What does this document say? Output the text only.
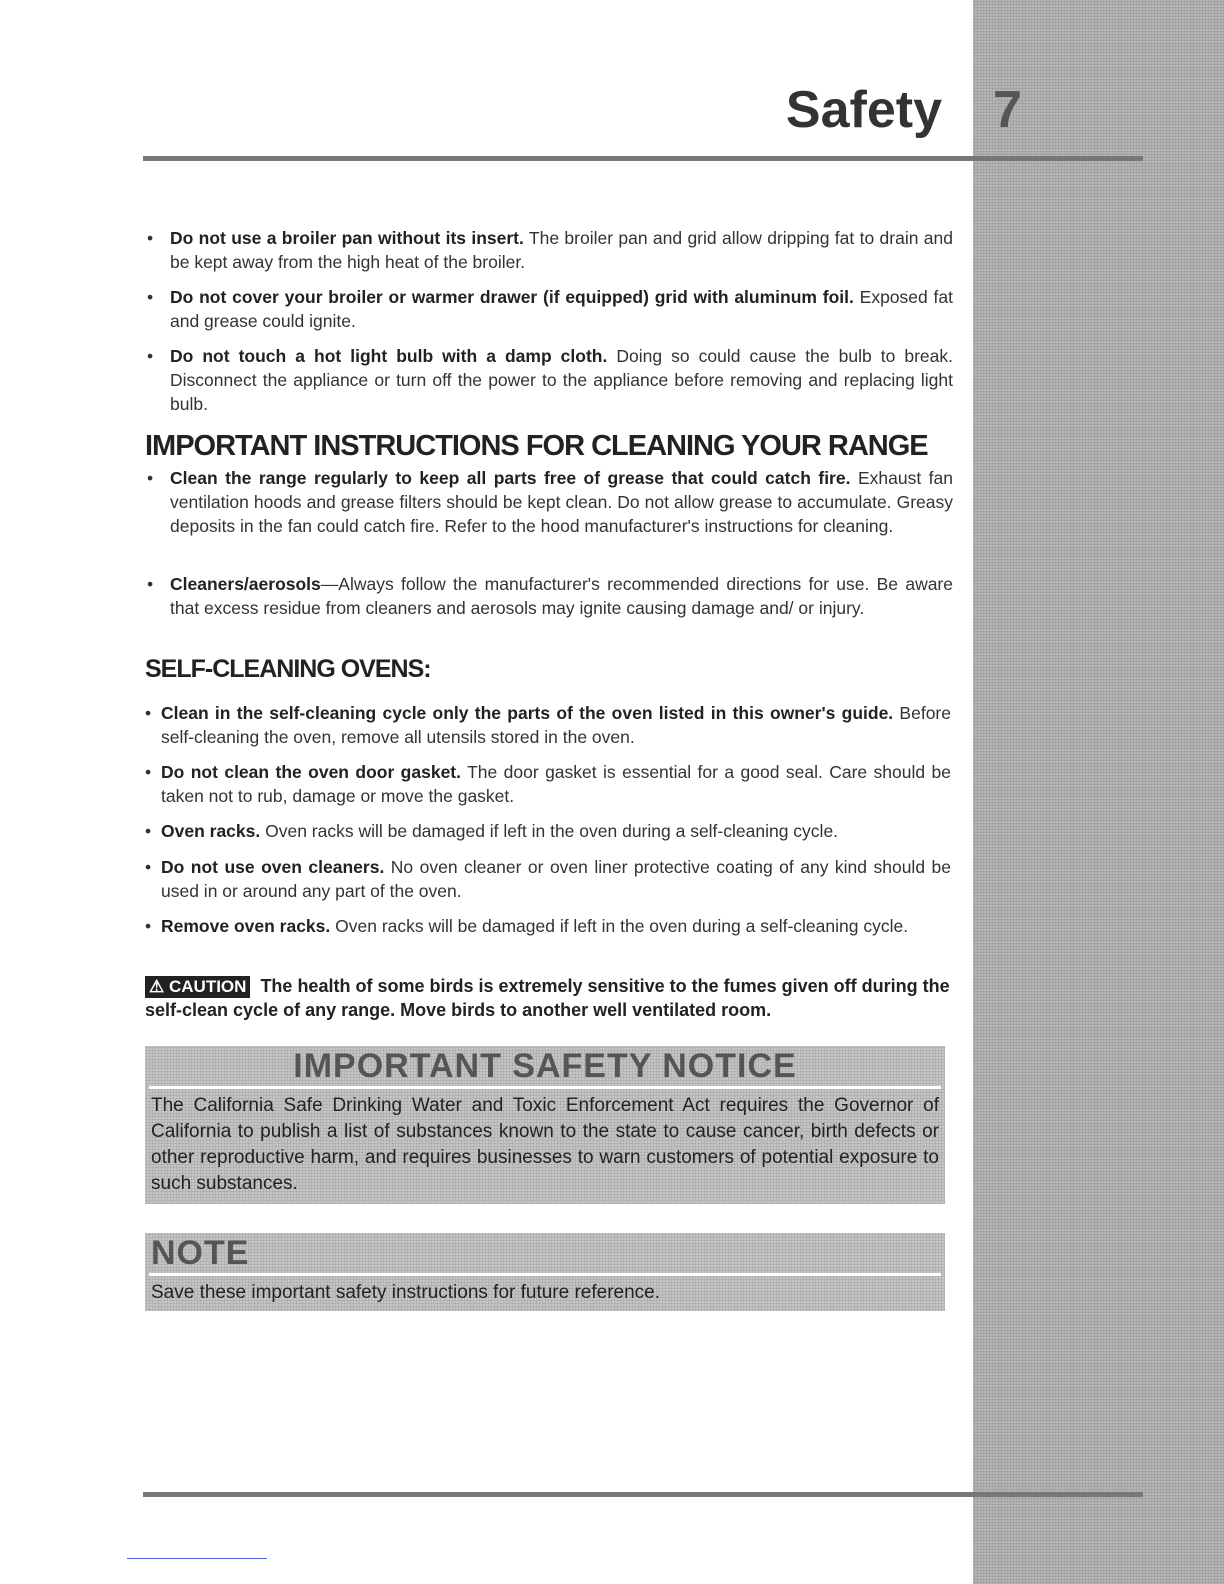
Safety 7
• Do not use a broiler pan without its insert. The broiler pan and grid allow dripping fat to drain and be kept away from the high heat of the broiler.
• Do not cover your broiler or warmer drawer (if equipped) grid with aluminum foil. Exposed fat and grease could ignite.
• Do not touch a hot light bulb with a damp cloth. Doing so could cause the bulb to break. Disconnect the appliance or turn off the power to the appliance before removing and replacing light bulb.
IMPORTANT INSTRUCTIONS FOR CLEANING YOUR RANGE
• Clean the range regularly to keep all parts free of grease that could catch fire. Exhaust fan ventilation hoods and grease filters should be kept clean. Do not allow grease to accumulate. Greasy deposits in the fan could catch fire. Refer to the hood manufacturer's instructions for cleaning.
• Cleaners/aerosols—Always follow the manufacturer's recommended directions for use. Be aware that excess residue from cleaners and aerosols may ignite causing damage and/ or injury.
SELF-CLEANING OVENS:
• Clean in the self-cleaning cycle only the parts of the oven listed in this owner's guide. Before self-cleaning the oven, remove all utensils stored in the oven.
• Do not clean the oven door gasket. The door gasket is essential for a good seal. Care should be taken not to rub, damage or move the gasket.
• Oven racks. Oven racks will be damaged if left in the oven during a self-cleaning cycle.
• Do not use oven cleaners. No oven cleaner or oven liner protective coating of any kind should be used in or around any part of the oven.
• Remove oven racks. Oven racks will be damaged if left in the oven during a self-cleaning cycle.
⚠ CAUTION The health of some birds is extremely sensitive to the fumes given off during the self-clean cycle of any range. Move birds to another well ventilated room.
IMPORTANT SAFETY NOTICE
The California Safe Drinking Water and Toxic Enforcement Act requires the Governor of California to publish a list of substances known to the state to cause cancer, birth defects or other reproductive harm, and requires businesses to warn customers of potential exposure to such substances.
NOTE
Save these important safety instructions for future reference.
